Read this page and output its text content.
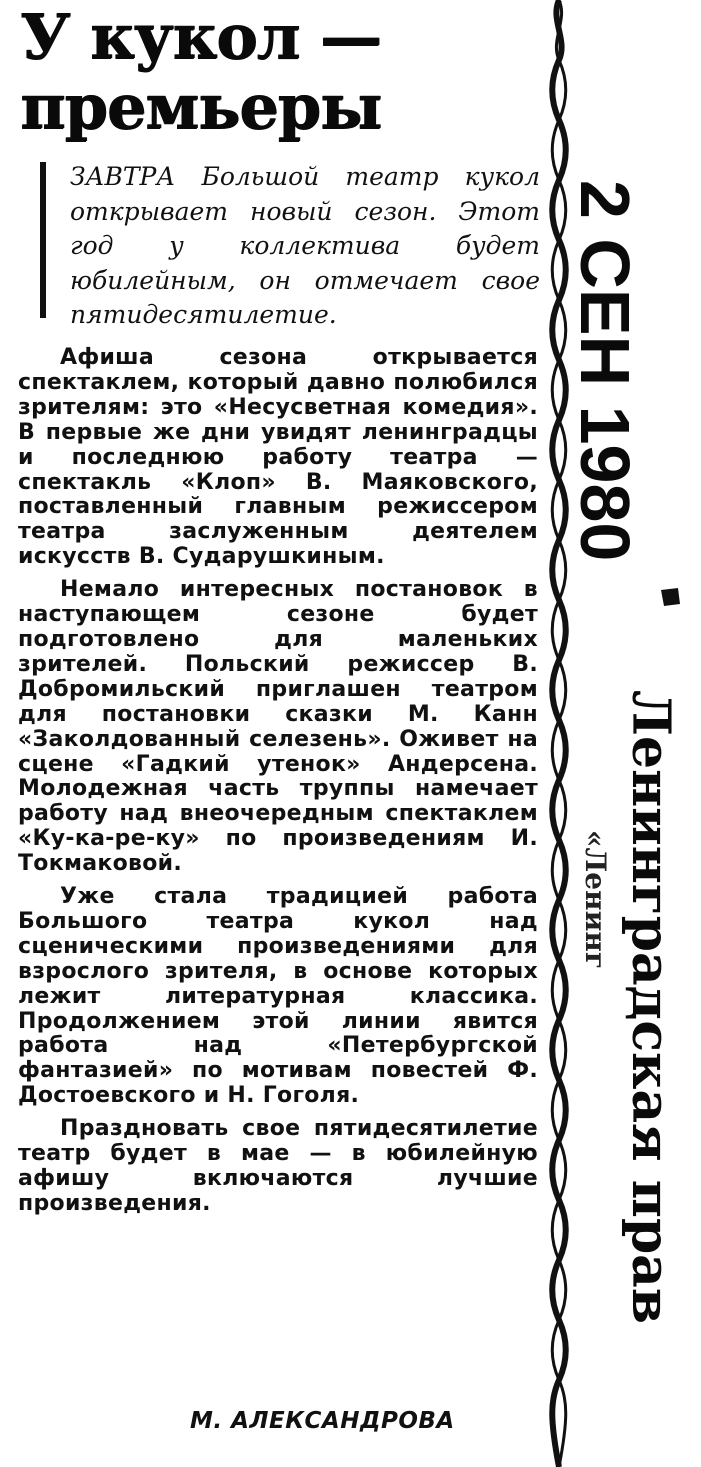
У кукол —
премьеры

ЗАВТРА Большой театр кукол открывает новый сезон. Этот год у коллектива будет юбилейным, он отмечает свое пятидесятилетие.

Афиша сезона открывается спектаклем, который давно полюбился зрителям: это «Несусветная комедия». В первые же дни увидят ленинградцы и последнюю работу театра — спектакль «Клоп» В. Маяковского, поставленный главным режиссером театра заслуженным деятелем искусств В. Сударушкиным.

Немало интересных постановок в наступающем сезоне будет подготовлено для маленьких зрителей. Польский режиссер В. Добромильский приглашен театром для постановки сказки М. Канн «Заколдованный селезень». Оживет на сцене «Гадкий утенок» Андерсена. Молодежная часть труппы намечает работу над внеочередным спектаклем «Ку-ка-ре-ку» по произведениям И. Токмаковой.

Уже стала традицией работа Большого театра кукол над сценическими произведениями для взрослого зрителя, в основе которых лежит литературная классика. Продолжением этой линии явится работа над «Петербургской фантазией» по мотивам повестей Ф. Достоевского и Н. Гоголя.

Праздновать свое пятидесятилетие театр будет в мае — в юбилейную афишу включаются лучшие произведения.

М. АЛЕКСАНДРОВА

2 СЕН 1980
«Ленинг Ленинградская прав
